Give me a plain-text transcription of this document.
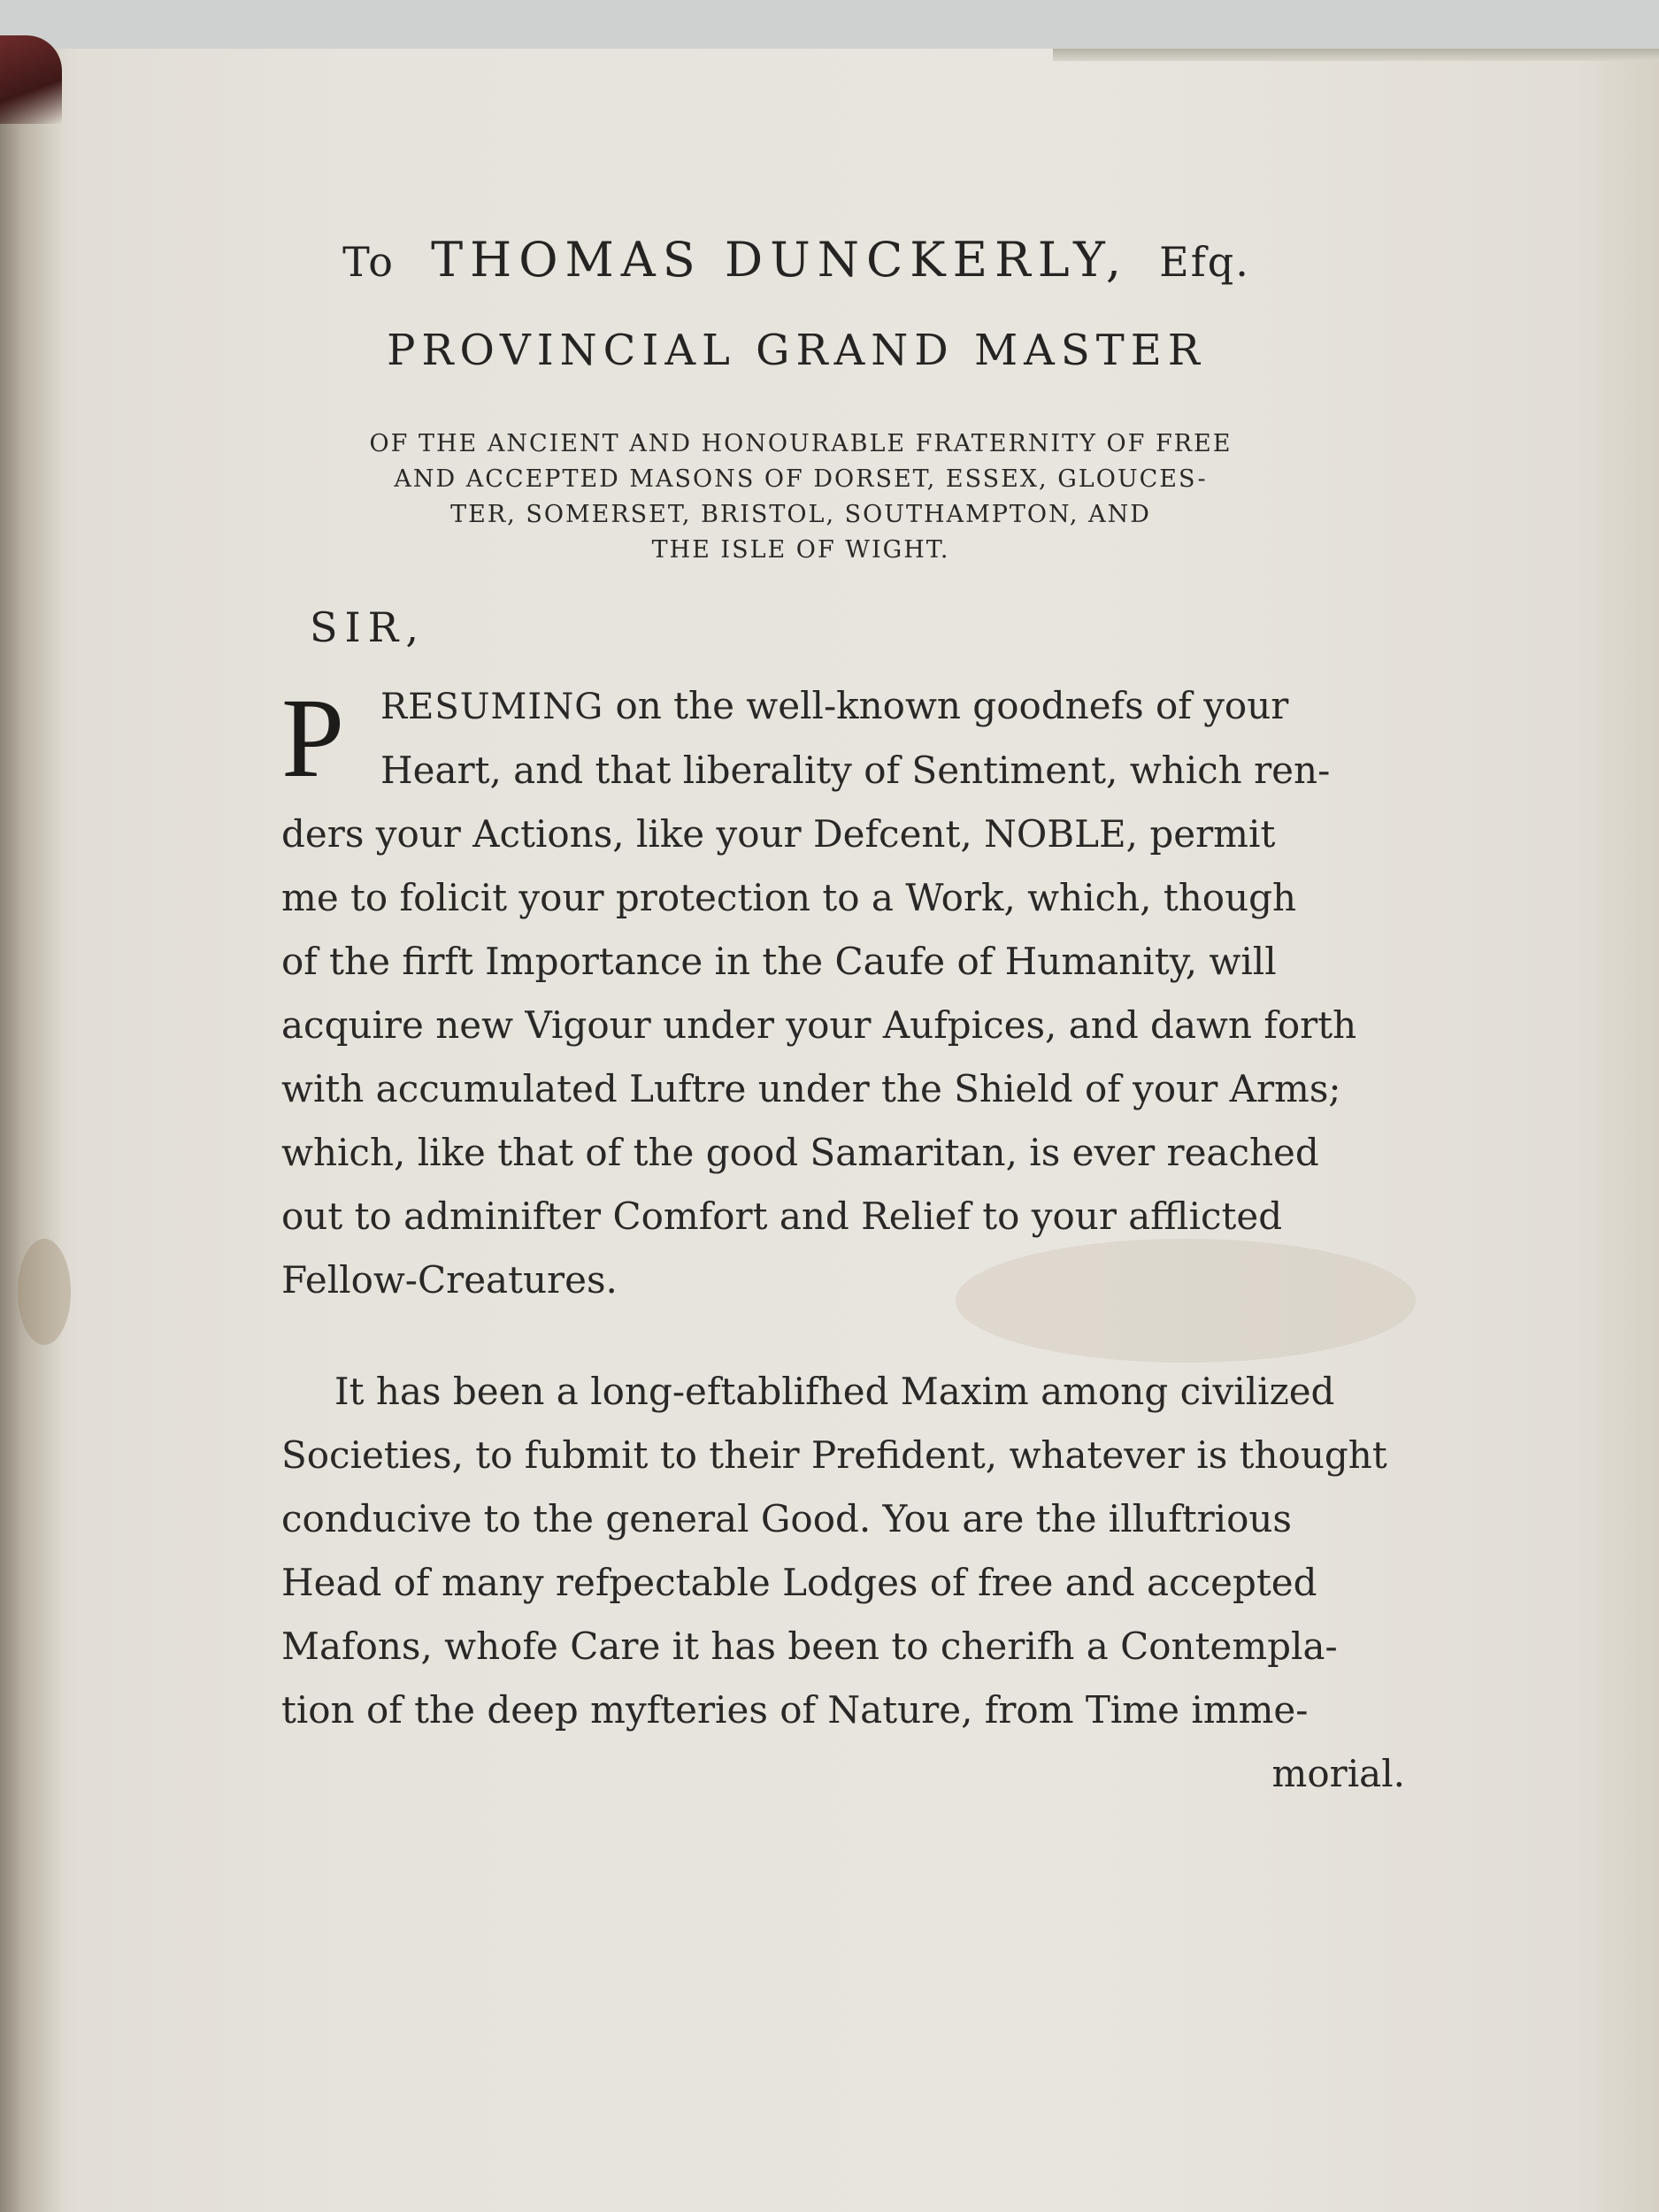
To THOMAS DUNCKERLY, Efq.
PROVINCIAL GRAND MASTER
OF THE ANCIENT AND HONOURABLE FRATERNITY OF FREE
AND ACCEPTED MASONS OF DORSET, ESSEX, GLOUCES-
TER, SOMERSET, BRISTOL, SOUTHAMPTON, AND
THE ISLE OF WIGHT.
SIR,
P	RESUMING on the well-known goodnefs of your
Heart, and that liberality of Sentiment, which ren-
ders your Actions, like your Defcent, NOBLE, permit
me to folicit your protection to a Work, which, though
of the firft Importance in the Caufe of Humanity, will
acquire new Vigour under your Aufpices, and dawn forth
with accumulated Luftre under the Shield of your Arms;
which, like that of the good Samaritan, is ever reached
out to adminifter Comfort and Relief to your afflicted
Fellow-Creatures.
It has been a long-eftablifhed Maxim among civilized
Societies, to fubmit to their Prefident, whatever is thought
conducive to the general Good. You are the illuftrious
Head of many refpectable Lodges of free and accepted
Mafons, whofe Care it has been to cherifh a Contempla-
tion of the deep myfteries of Nature, from Time imme-
morial.
